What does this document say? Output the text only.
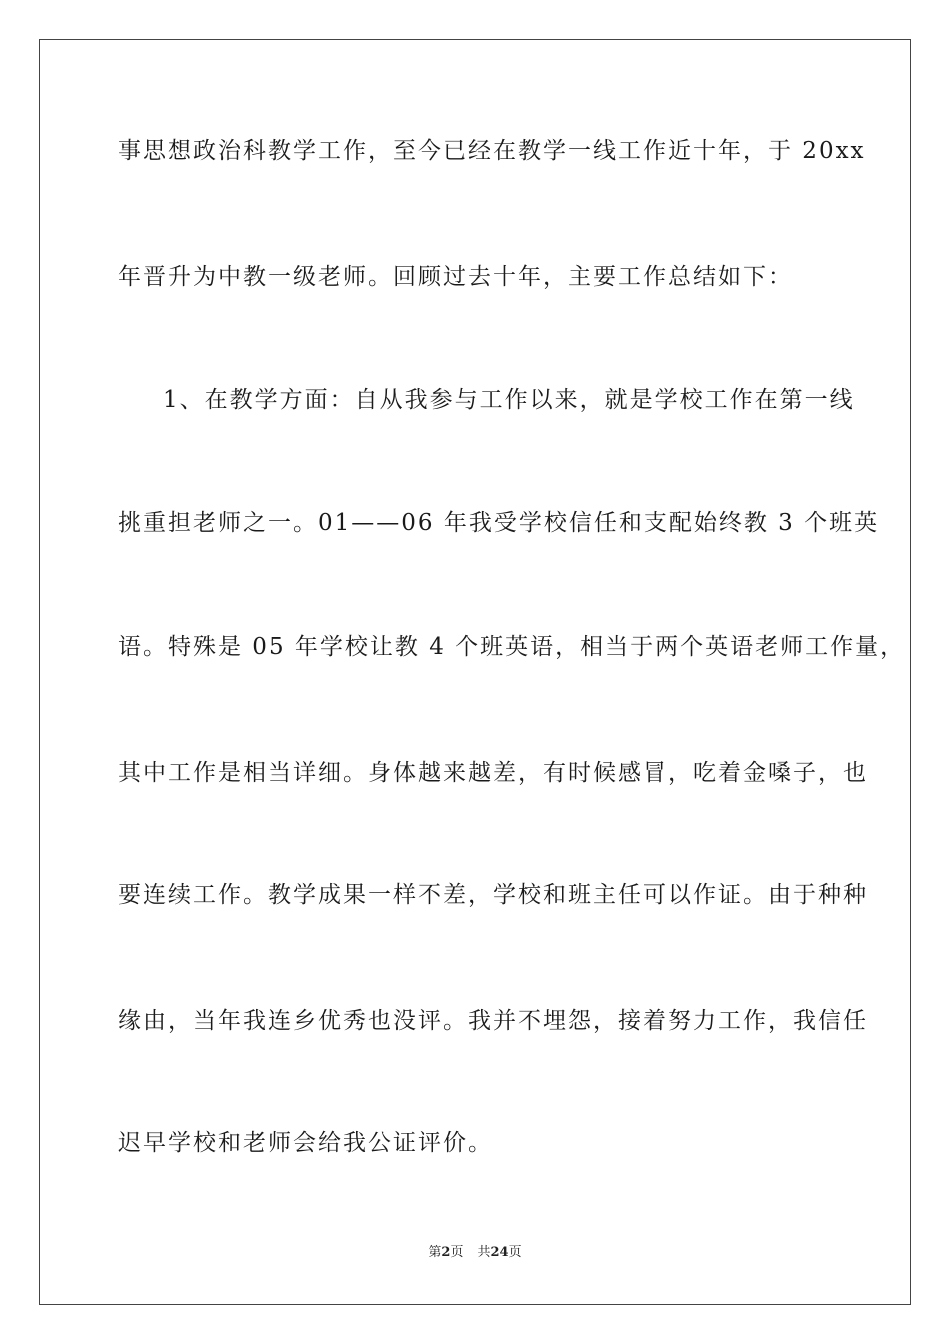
事思想政治科教学工作，至今已经在教学一线工作近十年，于 20xx
年晋升为中教一级老师。回顾过去十年，主要工作总结如下：
1、在教学方面：自从我参与工作以来，就是学校工作在第一线
挑重担老师之一。01——06 年我受学校信任和支配始终教 3 个班英
语。特殊是 05 年学校让教 4 个班英语，相当于两个英语老师工作量，
其中工作是相当详细。身体越来越差，有时候感冒，吃着金嗓子，也
要连续工作。教学成果一样不差，学校和班主任可以作证。由于种种
缘由，当年我连乡优秀也没评。我并不埋怨，接着努力工作，我信任
迟早学校和老师会给我公证评价。
第2页 共24页
